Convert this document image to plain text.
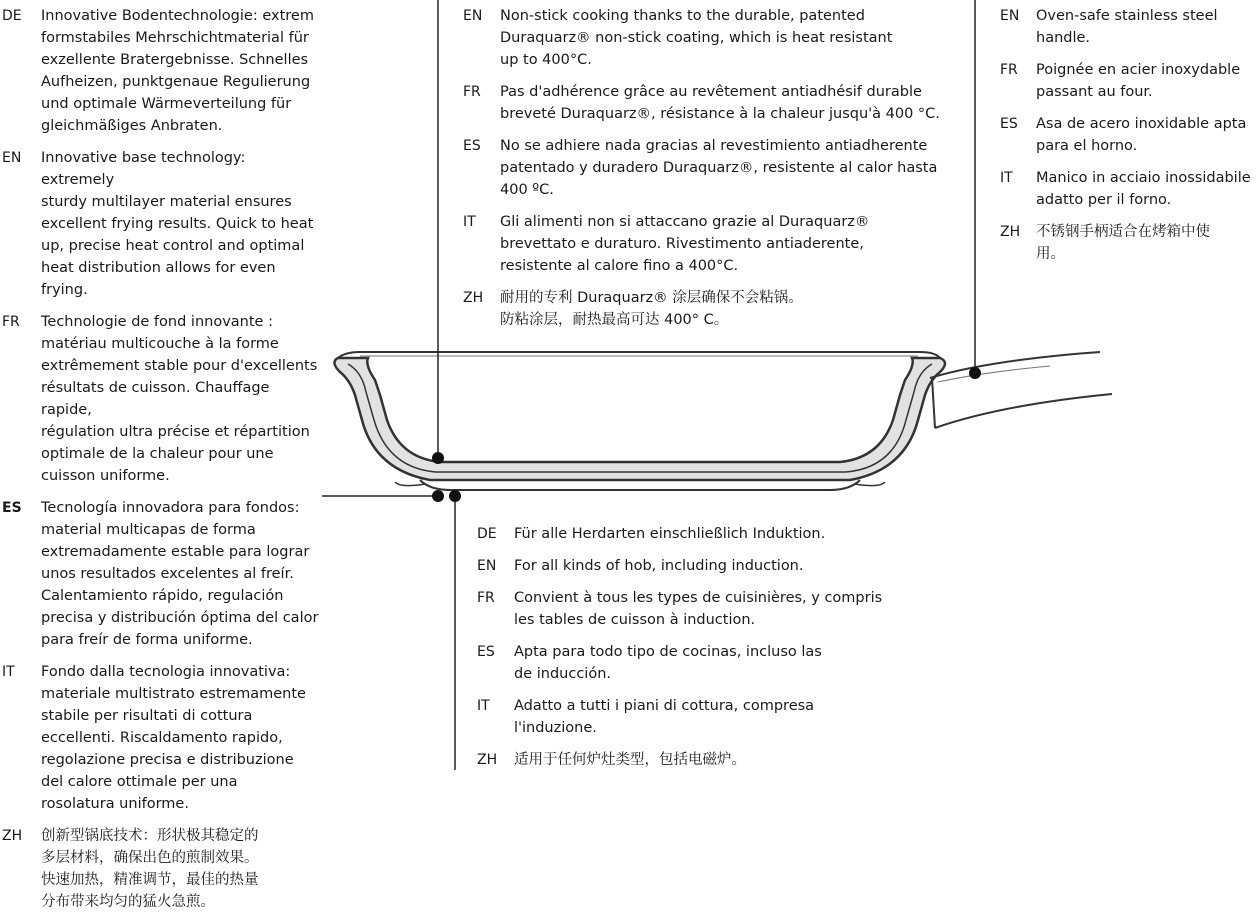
DE Innovative Bodentechnologie: extrem
formstabiles Mehrschichtmaterial für
exzellente Bratergebnisse. Schnelles
Aufheizen, punktgenaue Regulierung
und optimale Wärmeverteilung für
gleichmäßiges Anbraten.
EN Innovative base technology: extremely
sturdy multilayer material ensures
excellent frying results. Quick to heat
up, precise heat control and optimal
heat distribution allows for even frying.
FR Technologie de fond innovante :
matériau multicouche à la forme
extrêmement stable pour d'excellents
résultats de cuisson. Chauffage rapide,
régulation ultra précise et répartition
optimale de la chaleur pour une
cuisson uniforme.
ES Tecnología innovadora para fondos:
material multicapas de forma
extremadamente estable para lograr
unos resultados excelentes al freír.
Calentamiento rápido, regulación
precisa y distribución óptima del calor
para freír de forma uniforme.
IT Fondo dalla tecnologia innovativa:
materiale multistrato estremamente
stabile per risultati di cottura
eccellenti. Riscaldamento rapido,
regolazione precisa e distribuzione
del calore ottimale per una
rosolatura uniforme.
ZH 创新型锅底技术：形状极其稳定的
多层材料，确保出色的煎制效果。
快速加热，精准调节，最佳的热量
分布带来均匀的猛火急煎。
EN Non-stick cooking thanks to the durable, patented
Duraquarz® non-stick coating, which is heat resistant
up to 400°C.
FR Pas d'adhérence grâce au revêtement antiadhésif durable
breveté Duraquarz®, résistance à la chaleur jusqu'à 400 °C.
ES No se adhiere nada gracias al revestimiento antiadherente
patentado y duradero Duraquarz®, resistente al calor hasta
400 ºC.
IT Gli alimenti non si attaccano grazie al Duraquarz®
brevettato e duraturo. Rivestimento antiaderente,
resistente al calore fino a 400°C.
ZH 耐用的专利 Duraquarz® 涂层确保不会粘锅。
防粘涂层，耐热最高可达 400° C。
DE Für alle Herdarten einschließlich Induktion.
EN For all kinds of hob, including induction.
FR Convient à tous les types de cuisinières, y compris
les tables de cuisson à induction.
ES Apta para todo tipo de cocinas, incluso las
de inducción.
IT Adatto a tutti i piani di cottura, compresa
l'induzione.
ZH 适用于任何炉灶类型，包括电磁炉。
EN Oven-safe stainless steel
handle.
FR Poignée en acier inoxydable
passant au four.
ES Asa de acero inoxidable apta
para el horno.
IT Manico in acciaio inossidabile
adatto per il forno.
ZH 不锈钢手柄适合在烤箱中使
用。
